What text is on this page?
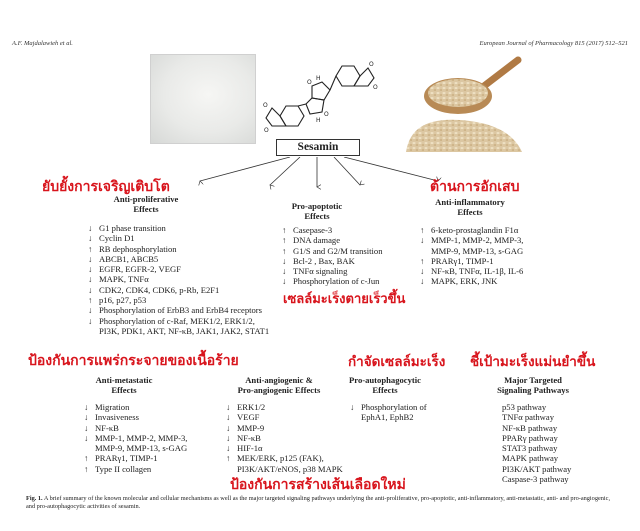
A.F. Majdalawieh et al.	European Journal of Pharmacology 815 (2017) 512–521
O
O
O
O
O
O
H
H
Sesamin
ยับยั้งการเจริญเติบโต	ต้านการอักเสบ
เซลล์มะเร็งตายเร็วขึ้น
ป้องกันการแพร่กระจายของเนื้อร้าย	กำจัดเซลล์มะเร็ง ชี้เป้ามะเร็งแม่นยำขึ้น
ป้องกันการสร้างเส้นเลือดใหม่
Anti-proliferative
Effects	Pro-apoptotic
Effects
Anti-inflammatory
Effects
Anti-metastatic
Effects
Anti-angiogenic &
Pro-angiogenic Effects
Pro-autophagocytic
Effects
Major Targeted
Signaling Pathways
↓ G1 phase transition
↓ Cyclin D1
↑ RB dephosphorylation
↓ ABCB1, ABCB5
↓ EGFR, EGFR-2, VEGF
↓ MAPK, TNFα
↓ CDK2, CDK4, CDK6, p-Rb, E2F1
↑ p16, p27, p53
↓ Phosphorylation of ErbB3 and ErbB4 receptors
↓ Phosphorylation of c-Raf, MEK1/2, ERK1/2,
PI3K, PDK1, AKT, NF-κB, JAK1, JAK2, STAT1
↑ Casepase-3
↑ DNA damage
↑ G1/S and G2/M transition
↓ Bcl-2 , Bax, BAK
↓ TNFα signaling
↓ Phosphorylation of c-Jun
↑ 6-keto-prostaglandin F1α
↓ MMP-1, MMP-2, MMP-3,
MMP-9, MMP-13, s-GAG
↑ PRARγ1, TIMP-1
↓ NF-κB, TNFα, IL-1β, IL-6
↓ MAPK, ERK, JNK
↓ Migration
↓ Invasiveness
↓ NF-κB
↓ MMP-1, MMP-2, MMP-3,
MMP-9, MMP-13, s-GAG
↑ PRARγ1, TIMP-1
↑ Type II collagen
↓ ERK1/2
↓ VEGF
↓ MMP-9
↓ NF-κB
↓ HIF-1α
↑ MEK/ERK, p125 (FAK),
PI3K/AKT/eNOS, p38 MAPK
↓ Phosphorylation of
EphA1, EphB2
p53 pathway
TNFα pathway
NF-κB pathway
PPARγ pathway
STAT3 pathway
MAPK pathway
PI3K/AKT pathway
Caspase-3 pathway
Fig. 1. A brief summary of the known molecular and cellular mechanisms as well as the major targeted signaling pathways underlying the anti-proliferative, pro-apoptotic, anti-inflammatory, anti-metastatic, anti- and pro-angiogenic, and pro-autophagocytic activities of sesamin.
